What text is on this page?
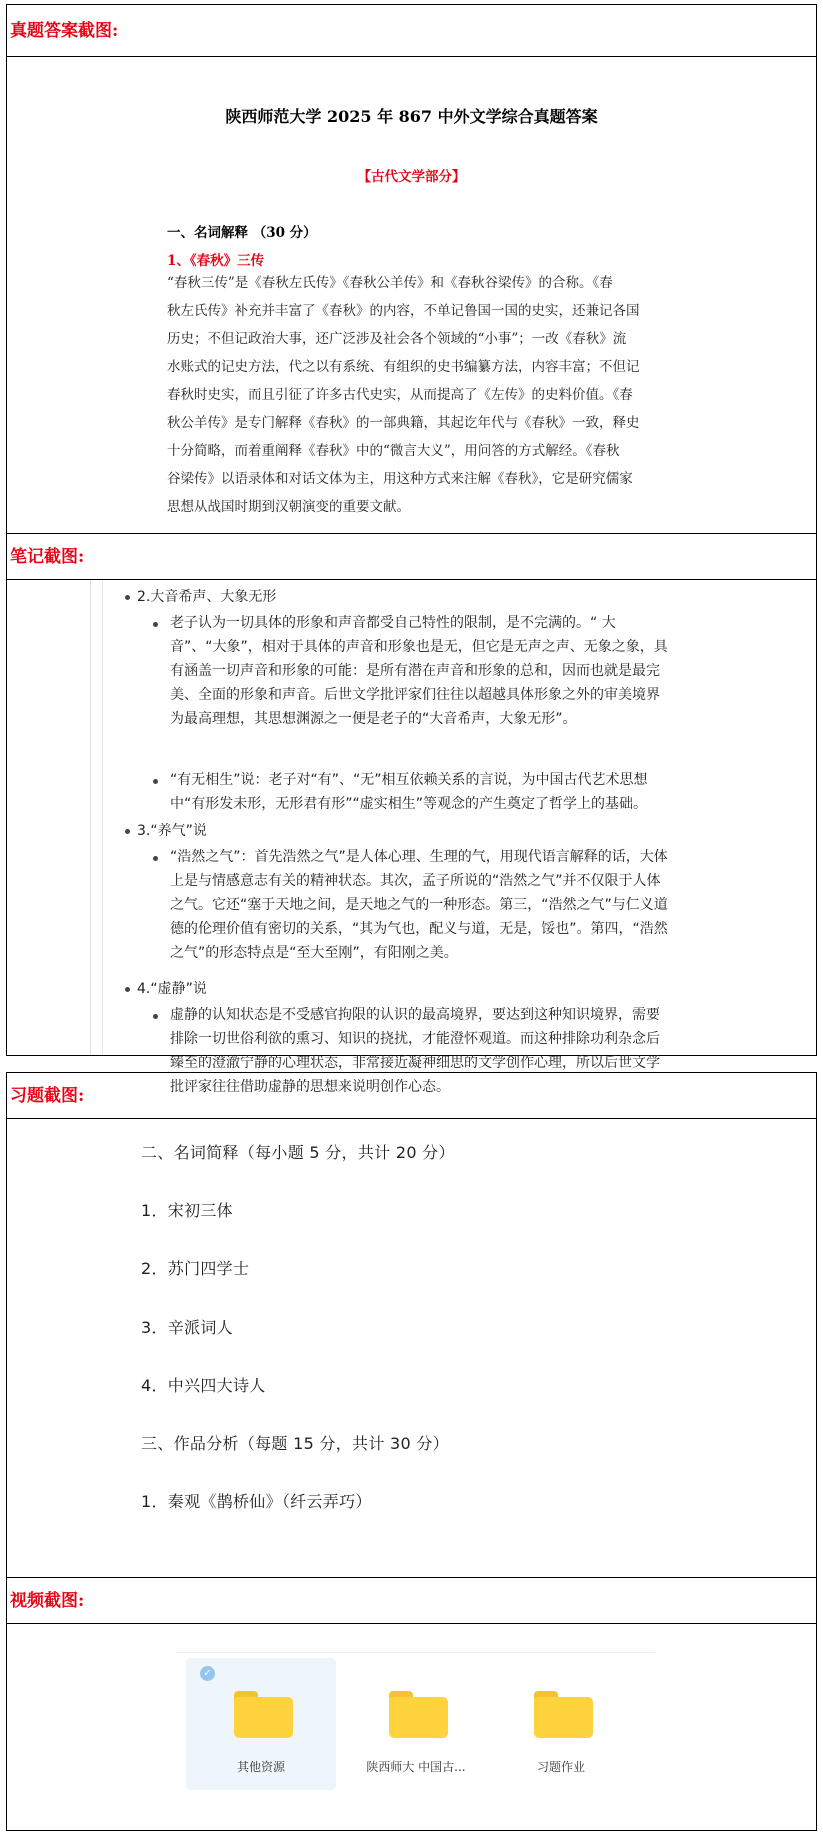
真题答案截图:
陕西师范大学 2025 年 867 中外文学综合真题答案
【古代文学部分】
一、名词解释 （30 分）
1、《春秋》三传
“春秋三传”是《春秋左氏传》《春秋公羊传》和《春秋谷梁传》的合称。《春
秋左氏传》补充并丰富了《春秋》的内容，不单记鲁国一国的史实，还兼记各国
历史；不但记政治大事，还广泛涉及社会各个领域的“小事”；一改《春秋》流
水账式的记史方法，代之以有系统、有组织的史书编纂方法，内容丰富；不但记
春秋时史实，而且引征了许多古代史实，从而提高了《左传》的史料价值。《春
秋公羊传》是专门解释《春秋》的一部典籍，其起讫年代与《春秋》一致，释史
十分简略，而着重阐释《春秋》中的“微言大义”，用问答的方式解经。《春秋
谷梁传》以语录体和对话文体为主，用这种方式来注解《春秋》，它是研究儒家
思想从战国时期到汉朝演变的重要文献。
笔记截图:
2.大音希声、大象无形
老子认为一切具体的形象和声音都受自己特性的限制，是不完满的。“ 大
音”、“大象”，相对于具体的声音和形象也是无，但它是无声之声、无象之象，具
有涵盖一切声音和形象的可能：是所有潜在声音和形象的总和，因而也就是最完
美、全面的形象和声音。后世文学批评家们往往以超越具体形象之外的审美境界
为最高理想，其思想渊源之一便是老子的“大音希声，大象无形”。
“有无相生”说：老子对“有”、“无”相互依赖关系的言说，为中国古代艺术思想
中“有形发未形，无形君有形”“虚实相生”等观念的产生奠定了哲学上的基础。
3.“养气”说
“浩然之气”：首先浩然之气”是人体心理、生理的气，用现代语言解释的话，大体
上是与情感意志有关的精神状态。其次，孟子所说的“浩然之气”并不仅限于人体
之气。它还“塞于天地之间，是天地之气的一种形态。第三，“浩然之气”与仁义道
德的伦理价值有密切的关系，“其为气也，配义与道，无是，馁也”。第四，“浩然
之气”的形态特点是“至大至刚”，有阳刚之美。
4.“虚静”说
虚静的认知状态是不受感官拘限的认识的最高境界，要达到这种知识境界，需要
排除一切世俗利欲的熏习、知识的挠扰，才能澄怀观道。而这种排除功利杂念后
臻至的澄澈宁静的心理状态，非常接近凝神细思的文学创作心理，所以后世文学
批评家往往借助虚静的思想来说明创作心态。
习题截图:
二、名词简释（每小题 5 分，共计 20 分）
1．宋初三体
2．苏门四学士
3．辛派词人
4．中兴四大诗人
三、作品分析（每题 15 分，共计 30 分）
1．秦观《鹊桥仙》（纤云弄巧）
视频截图:
✓
其他资源	陕西师大 中国古...	习题作业
